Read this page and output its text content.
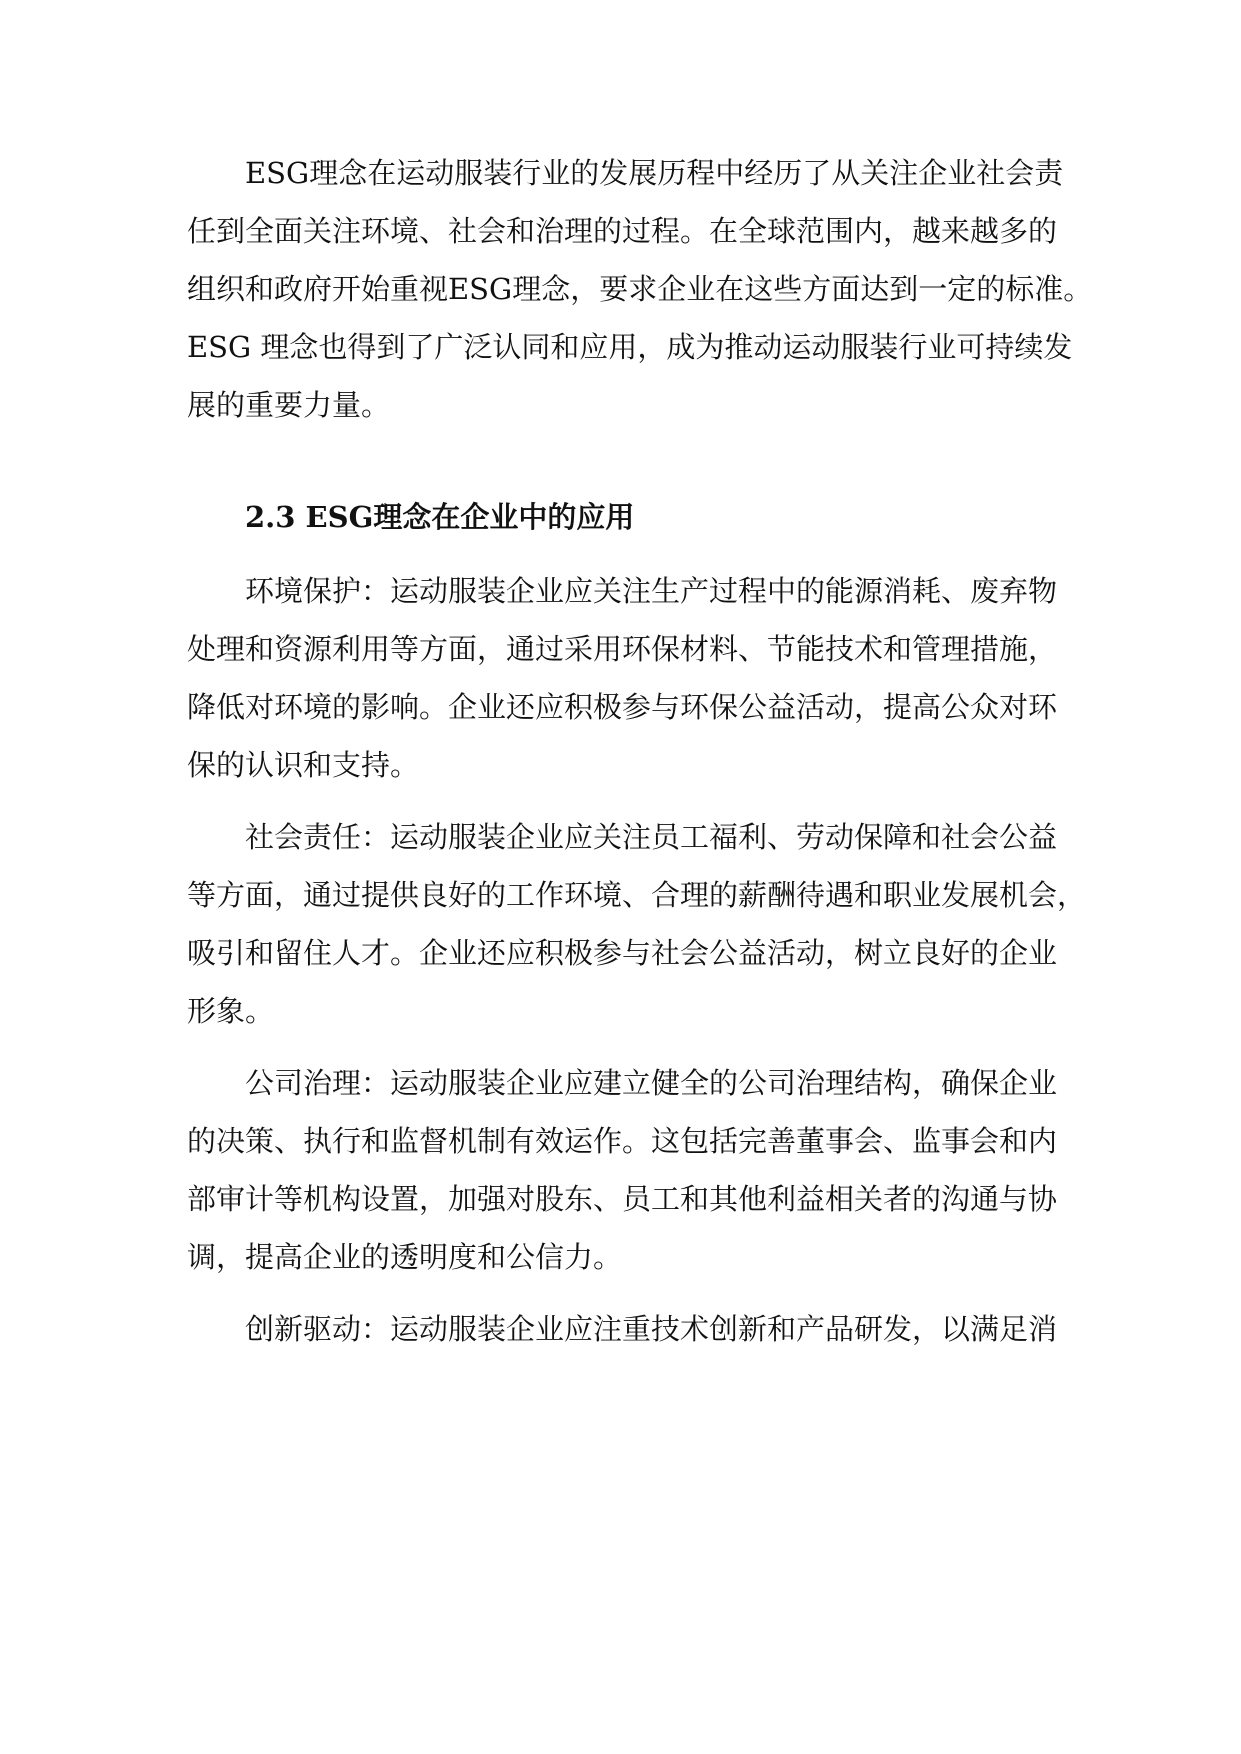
ESG理念在运动服装行业的发展历程中经历了从关注企业社会责
任到全面关注环境、社会和治理的过程。在全球范围内，越来越多的
组织和政府开始重视ESG理念，要求企业在这些方面达到一定的标准。
ESG 理念也得到了广泛认同和应用，成为推动运动服装行业可持续发
展的重要力量。
2.3 ESG理念在企业中的应用
环境保护：运动服装企业应关注生产过程中的能源消耗、废弃物
处理和资源利用等方面，通过采用环保材料、节能技术和管理措施，
降低对环境的影响。企业还应积极参与环保公益活动，提高公众对环
保的认识和支持。
社会责任：运动服装企业应关注员工福利、劳动保障和社会公益
等方面，通过提供良好的工作环境、合理的薪酬待遇和职业发展机会，
吸引和留住人才。企业还应积极参与社会公益活动，树立良好的企业
形象。
公司治理：运动服装企业应建立健全的公司治理结构，确保企业
的决策、执行和监督机制有效运作。这包括完善董事会、监事会和内
部审计等机构设置，加强对股东、员工和其他利益相关者的沟通与协
调，提高企业的透明度和公信力。
创新驱动：运动服装企业应注重技术创新和产品研发，以满足消
